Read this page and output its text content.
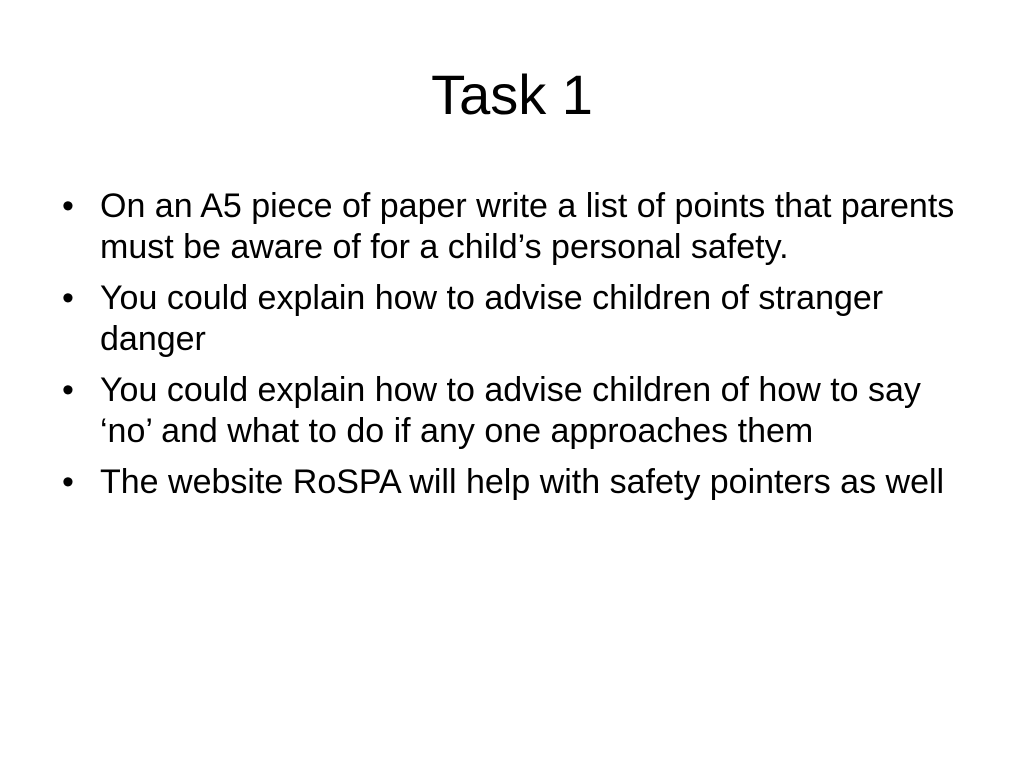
Task 1
• On an A5 piece of paper write a list of points that parents must be aware of for a child’s personal safety.
• You could explain how to advise children of stranger danger
• You could explain how to advise children of how to say ‘no’ and what to do if any one approaches them
• The website RoSPA will help with safety pointers as well
